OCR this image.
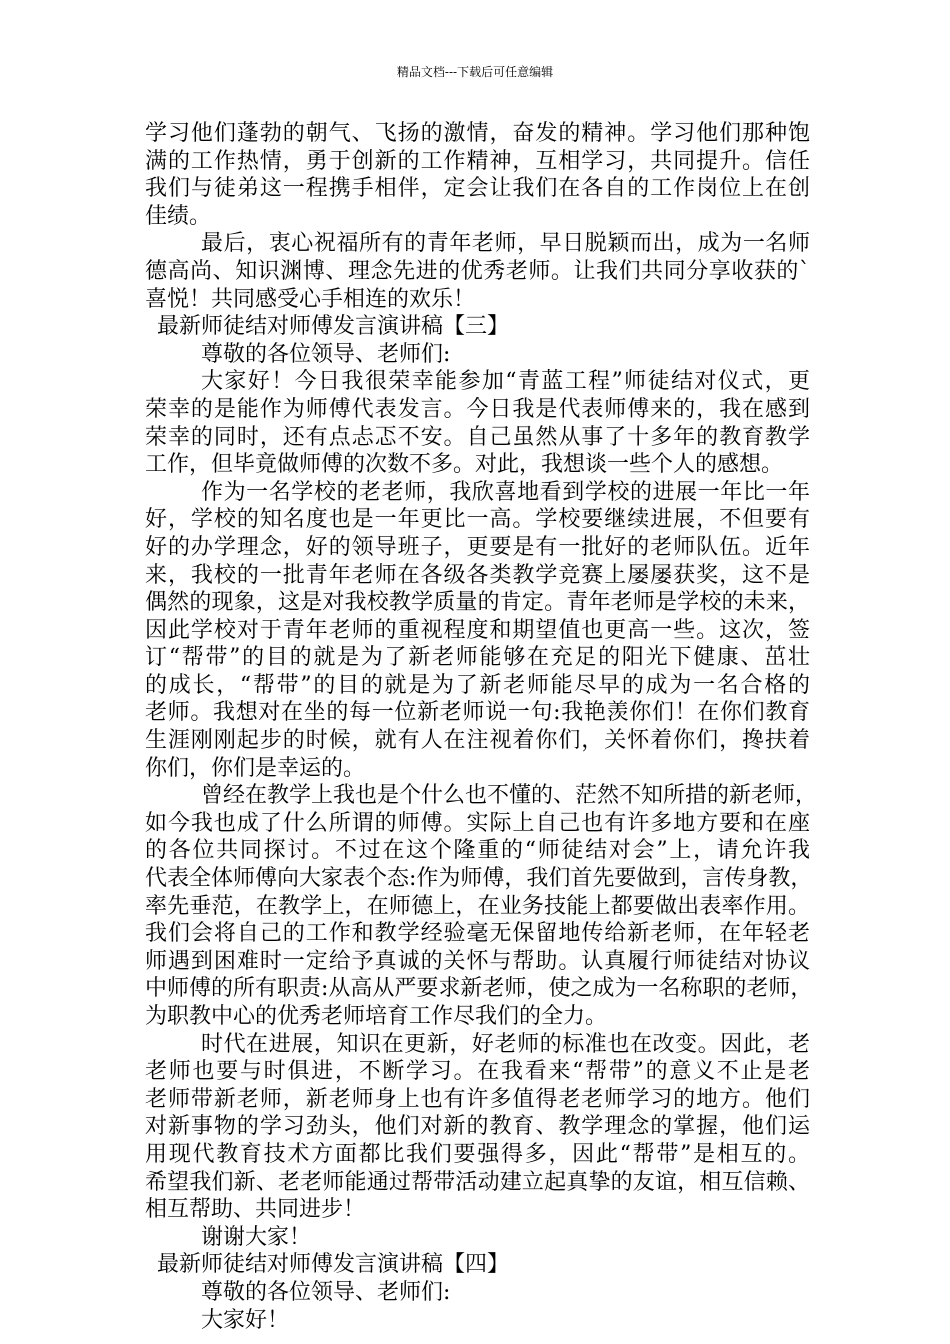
精品文档---下载后可任意编辑
学习他们蓬勃的朝气、飞扬的激情，奋发的精神。学习他们那种饱
满的工作热情，勇于创新的工作精神，互相学习，共同提升。信任
我们与徒弟这一程携手相伴，定会让我们在各自的工作岗位上在创
佳绩。
最后，衷心祝福所有的青年老师，早日脱颖而出，成为一名师
德高尚、知识渊博、理念先进的优秀老师。让我们共同分享收获的`
喜悦！共同感受心手相连的欢乐！
最新师徒结对师傅发言演讲稿【三】
尊敬的各位领导、老师们:
大家好！今日我很荣幸能参加“青蓝工程”师徒结对仪式，更
荣幸的是能作为师傅代表发言。今日我是代表师傅来的，我在感到
荣幸的同时，还有点忐忑不安。自己虽然从事了十多年的教育教学
工作，但毕竟做师傅的次数不多。对此，我想谈一些个人的感想。
作为一名学校的老老师，我欣喜地看到学校的进展一年比一年
好，学校的知名度也是一年更比一高。学校要继续进展，不但要有
好的办学理念，好的领导班子，更要是有一批好的老师队伍。近年
来，我校的一批青年老师在各级各类教学竞赛上屡屡获奖，这不是
偶然的现象，这是对我校教学质量的肯定。青年老师是学校的未来，
因此学校对于青年老师的重视程度和期望值也更高一些。这次，签
订“帮带”的目的就是为了新老师能够在充足的阳光下健康、茁壮
的成长，“帮带”的目的就是为了新老师能尽早的成为一名合格的
老师。我想对在坐的每一位新老师说一句:我艳羡你们！在你们教育
生涯刚刚起步的时候，就有人在注视着你们，关怀着你们，搀扶着
你们，你们是幸运的。
曾经在教学上我也是个什么也不懂的、茫然不知所措的新老师，
如今我也成了什么所谓的师傅。实际上自己也有许多地方要和在座
的各位共同探讨。不过在这个隆重的“师徒结对会”上，请允许我
代表全体师傅向大家表个态:作为师傅，我们首先要做到，言传身教，
率先垂范，在教学上，在师德上，在业务技能上都要做出表率作用。
我们会将自己的工作和教学经验毫无保留地传给新老师，在年轻老
师遇到困难时一定给予真诚的关怀与帮助。认真履行师徒结对协议
中师傅的所有职责:从高从严要求新老师，使之成为一名称职的老师，
为职教中心的优秀老师培育工作尽我们的全力。
时代在进展，知识在更新，好老师的标准也在改变。因此，老
老师也要与时俱进，不断学习。在我看来“帮带”的意义不止是老
老师带新老师，新老师身上也有许多值得老老师学习的地方。他们
对新事物的学习劲头，他们对新的教育、教学理念的掌握，他们运
用现代教育技术方面都比我们要强得多，因此“帮带”是相互的。
希望我们新、老老师能通过帮带活动建立起真挚的友谊，相互信赖、
相互帮助、共同进步！
谢谢大家！
最新师徒结对师傅发言演讲稿【四】
尊敬的各位领导、老师们:
大家好！
